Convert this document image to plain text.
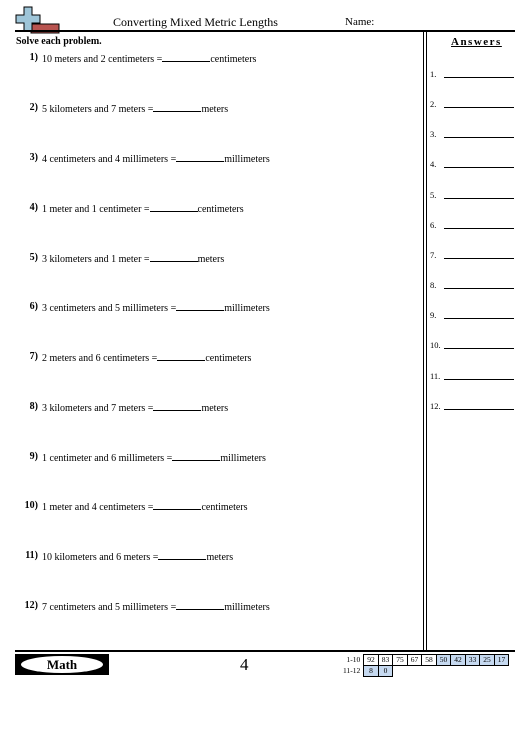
Converting Mixed Metric Lengths	Name:
Solve each problem.
1) 10 meters and 2 centimeters =	centimeters
2) 5 kilometers and 7 meters =	meters
3) 4 centimeters and 4 millimeters =	millimeters
4) 1 meter and 1 centimeter =	centimeters
5) 3 kilometers and 1 meter =	meters
6) 3 centimeters and 5 millimeters =	millimeters
7) 2 meters and 6 centimeters =	centimeters
8) 3 kilometers and 7 meters =	meters
9) 1 centimeter and 6 millimeters =	millimeters
10) 1 meter and 4 centimeters =	centimeters
11) 10 kilometers and 6 meters =	meters
12) 7 centimeters and 5 millimeters =	millimeters
Answers
1.
2.
3.
4.
5.
6.
7.
8.
9.
10.
11.
12.
Math	4	1-10	92	83	75	67	58	50	42	33	25	17
11-12	8	0								
